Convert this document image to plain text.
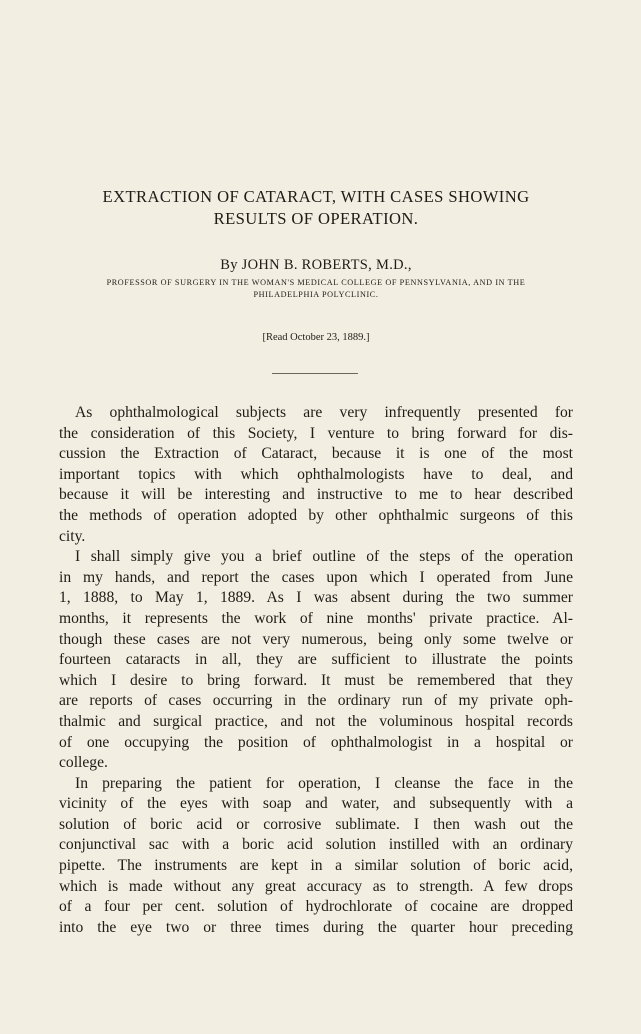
EXTRACTION OF CATARACT, WITH CASES SHOWING
RESULTS OF OPERATION.
By JOHN B. ROBERTS, M.D.,
PROFESSOR OF SURGERY IN THE WOMAN'S MEDICAL COLLEGE OF PENNSYLVANIA, AND IN THE
PHILADELPHIA POLYCLINIC.
[Read October 23, 1889.]
As ophthalmological subjects are very infrequently presented for
the consideration of this Society, I venture to bring forward for dis-
cussion the Extraction of Cataract, because it is one of the most
important topics with which ophthalmologists have to deal, and
because it will be interesting and instructive to me to hear described
the methods of operation adopted by other ophthalmic surgeons of this
city.
I shall simply give you a brief outline of the steps of the operation
in my hands, and report the cases upon which I operated from June
1, 1888, to May 1, 1889. As I was absent during the two summer
months, it represents the work of nine months' private practice. Al-
though these cases are not very numerous, being only some twelve or
fourteen cataracts in all, they are sufficient to illustrate the points
which I desire to bring forward. It must be remembered that they
are reports of cases occurring in the ordinary run of my private oph-
thalmic and surgical practice, and not the voluminous hospital records
of one occupying the position of ophthalmologist in a hospital or
college.
In preparing the patient for operation, I cleanse the face in the
vicinity of the eyes with soap and water, and subsequently with a
solution of boric acid or corrosive sublimate. I then wash out the
conjunctival sac with a boric acid solution instilled with an ordinary
pipette. The instruments are kept in a similar solution of boric acid,
which is made without any great accuracy as to strength. A few drops
of a four per cent. solution of hydrochlorate of cocaine are dropped
into the eye two or three times during the quarter hour preceding
